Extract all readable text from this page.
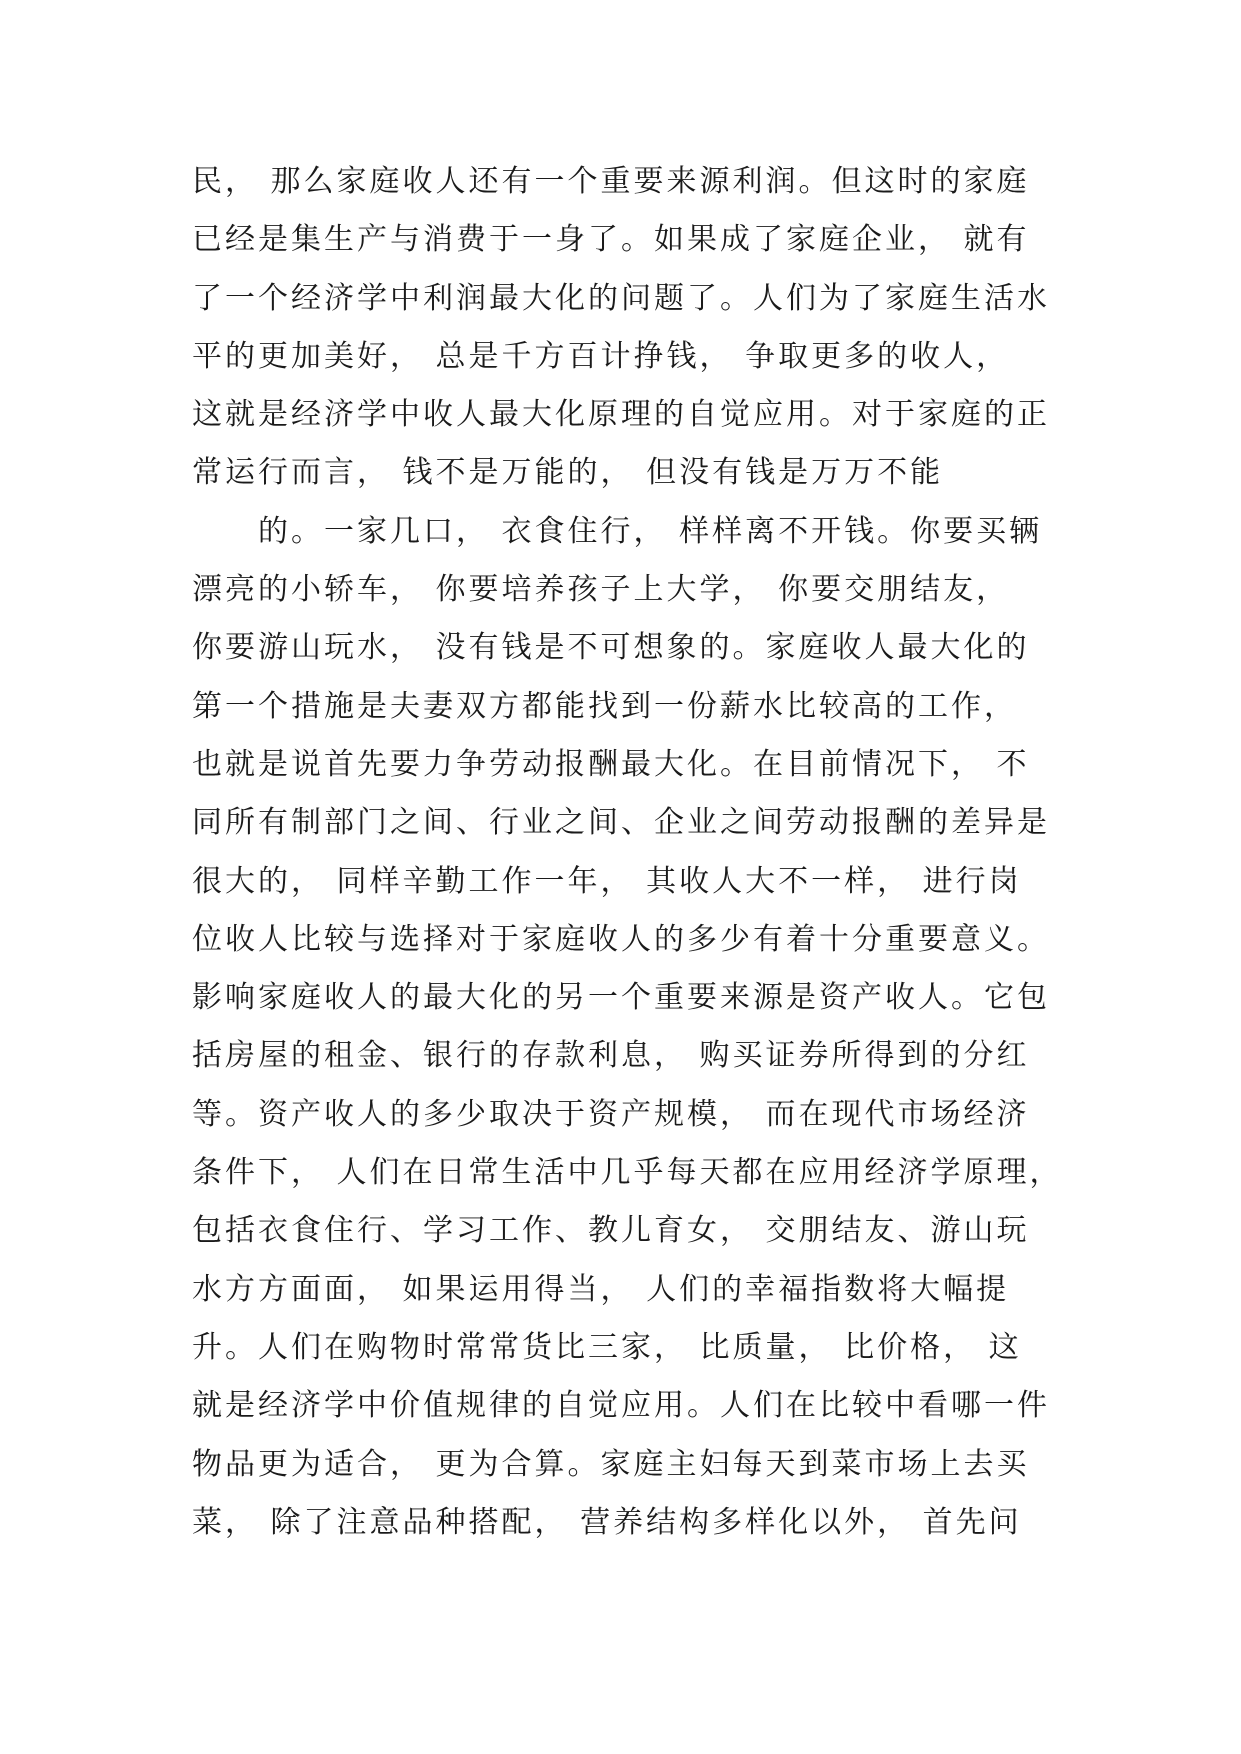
民， 那么家庭收人还有一个重要来源利润。但这时的家庭
已经是集生产与消费于一身了。如果成了家庭企业， 就有
了一个经济学中利润最大化的问题了。人们为了家庭生活水
平的更加美好， 总是千方百计挣钱， 争取更多的收人，
这就是经济学中收人最大化原理的自觉应用。对于家庭的正
常运行而言， 钱不是万能的， 但没有钱是万万不能
的。一家几口， 衣食住行， 样样离不开钱。你要买辆
漂亮的小轿车， 你要培养孩子上大学， 你要交朋结友，
你要游山玩水， 没有钱是不可想象的。家庭收人最大化的
第一个措施是夫妻双方都能找到一份薪水比较高的工作，
也就是说首先要力争劳动报酬最大化。在目前情况下， 不
同所有制部门之间、行业之间、企业之间劳动报酬的差异是
很大的， 同样辛勤工作一年， 其收人大不一样， 进行岗
位收人比较与选择对于家庭收人的多少有着十分重要意义。
影响家庭收人的最大化的另一个重要来源是资产收人。它包
括房屋的租金、银行的存款利息， 购买证券所得到的分红
等。资产收人的多少取决于资产规模， 而在现代市场经济
条件下， 人们在日常生活中几乎每天都在应用经济学原理，
包括衣食住行、学习工作、教儿育女， 交朋结友、游山玩
水方方面面， 如果运用得当， 人们的幸福指数将大幅提
升。人们在购物时常常货比三家， 比质量， 比价格， 这
就是经济学中价值规律的自觉应用。人们在比较中看哪一件
物品更为适合， 更为合算。家庭主妇每天到菜市场上去买
菜， 除了注意品种搭配， 营养结构多样化以外， 首先问
